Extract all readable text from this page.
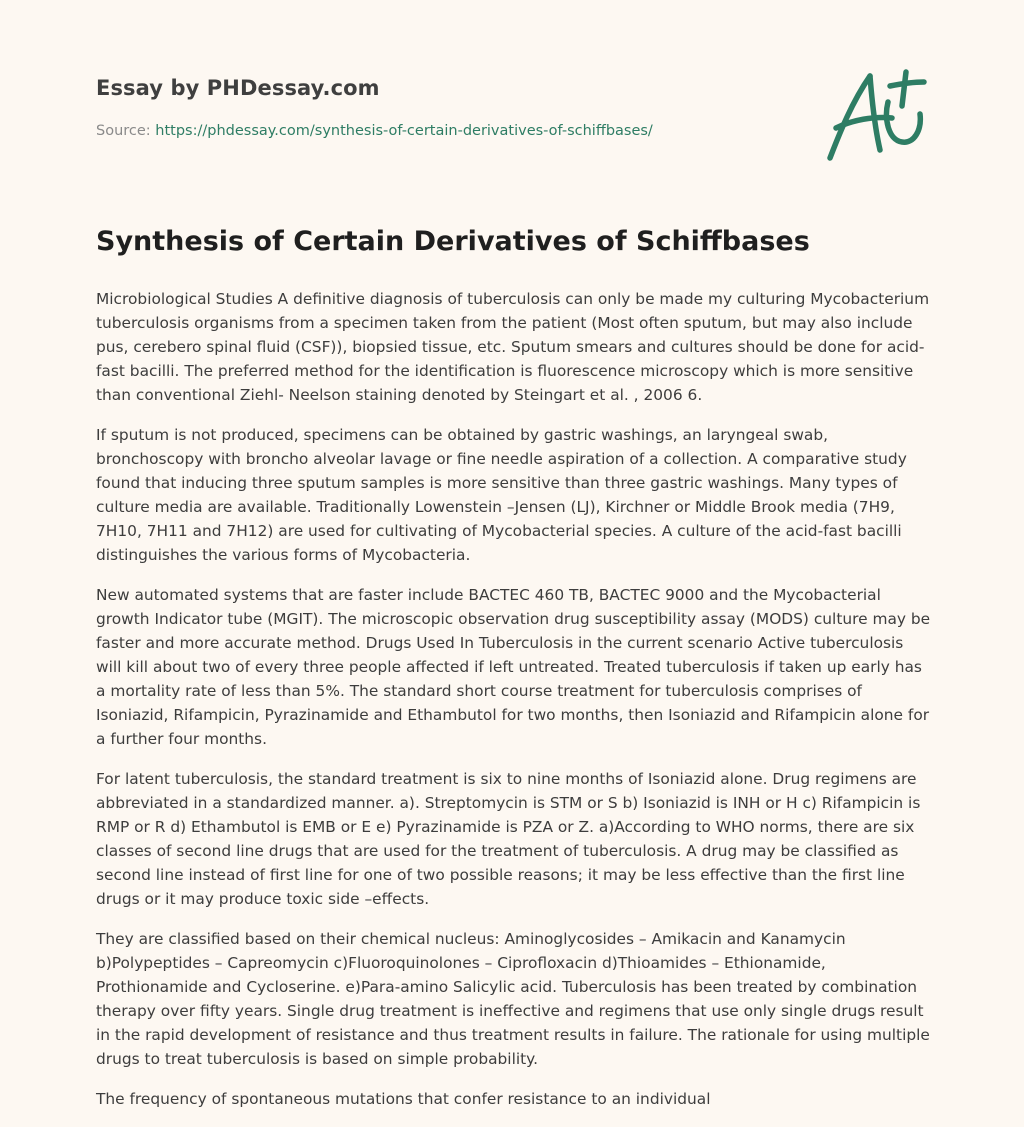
Essay by PHDessay.com
Source: https://phdessay.com/synthesis-of-certain-derivatives-of-schiffbases/
Synthesis of Certain Derivatives of Schiffbases

Microbiological Studies A definitive diagnosis of tuberculosis can only be made my culturing Mycobacterium tuberculosis organisms from a specimen taken from the patient (Most often sputum, but may also include pus, cerebero spinal fluid (CSF)), biopsied tissue, etc. Sputum smears and cultures should be done for acid-fast bacilli. The preferred method for the identification is fluorescence microscopy which is more sensitive than conventional Ziehl- Neelson staining denoted by Steingart et al. , 2006 6.

If sputum is not produced, specimens can be obtained by gastric washings, an laryngeal swab, bronchoscopy with broncho alveolar lavage or fine needle aspiration of a collection. A comparative study found that inducing three sputum samples is more sensitive than three gastric washings. Many types of culture media are available. Traditionally Lowenstein –Jensen (LJ), Kirchner or Middle Brook media (7H9, 7H10, 7H11 and 7H12) are used for cultivating of Mycobacterial species. A culture of the acid-fast bacilli distinguishes the various forms of Mycobacteria.

New automated systems that are faster include BACTEC 460 TB, BACTEC 9000 and the Mycobacterial growth Indicator tube (MGIT). The microscopic observation drug susceptibility assay (MODS) culture may be faster and more accurate method. Drugs Used In Tuberculosis in the current scenario Active tuberculosis will kill about two of every three people affected if left untreated. Treated tuberculosis if taken up early has a mortality rate of less than 5%. The standard short course treatment for tuberculosis comprises of Isoniazid, Rifampicin, Pyrazinamide and Ethambutol for two months, then Isoniazid and Rifampicin alone for a further four months.

For latent tuberculosis, the standard treatment is six to nine months of Isoniazid alone. Drug regimens are abbreviated in a standardized manner. a). Streptomycin is STM or S b) Isoniazid is INH or H c) Rifampicin is RMP or R d) Ethambutol is EMB or E e) Pyrazinamide is PZA or Z. a)According to WHO norms, there are six classes of second line drugs that are used for the treatment of tuberculosis. A drug may be classified as second line instead of first line for one of two possible reasons; it may be less effective than the first line drugs or it may produce toxic side –effects.

They are classified based on their chemical nucleus: Aminoglycosides – Amikacin and Kanamycin b)Polypeptides – Capreomycin c)Fluoroquinolones – Ciprofloxacin d)Thioamides – Ethionamide, Prothionamide and Cycloserine. e)Para-amino Salicylic acid. Tuberculosis has been treated by combination therapy over fifty years. Single drug treatment is ineffective and regimens that use only single drugs result in the rapid development of resistance and thus treatment results in failure. The rationale for using multiple drugs to treat tuberculosis is based on simple probability.

The frequency of spontaneous mutations that confer resistance to an individual
